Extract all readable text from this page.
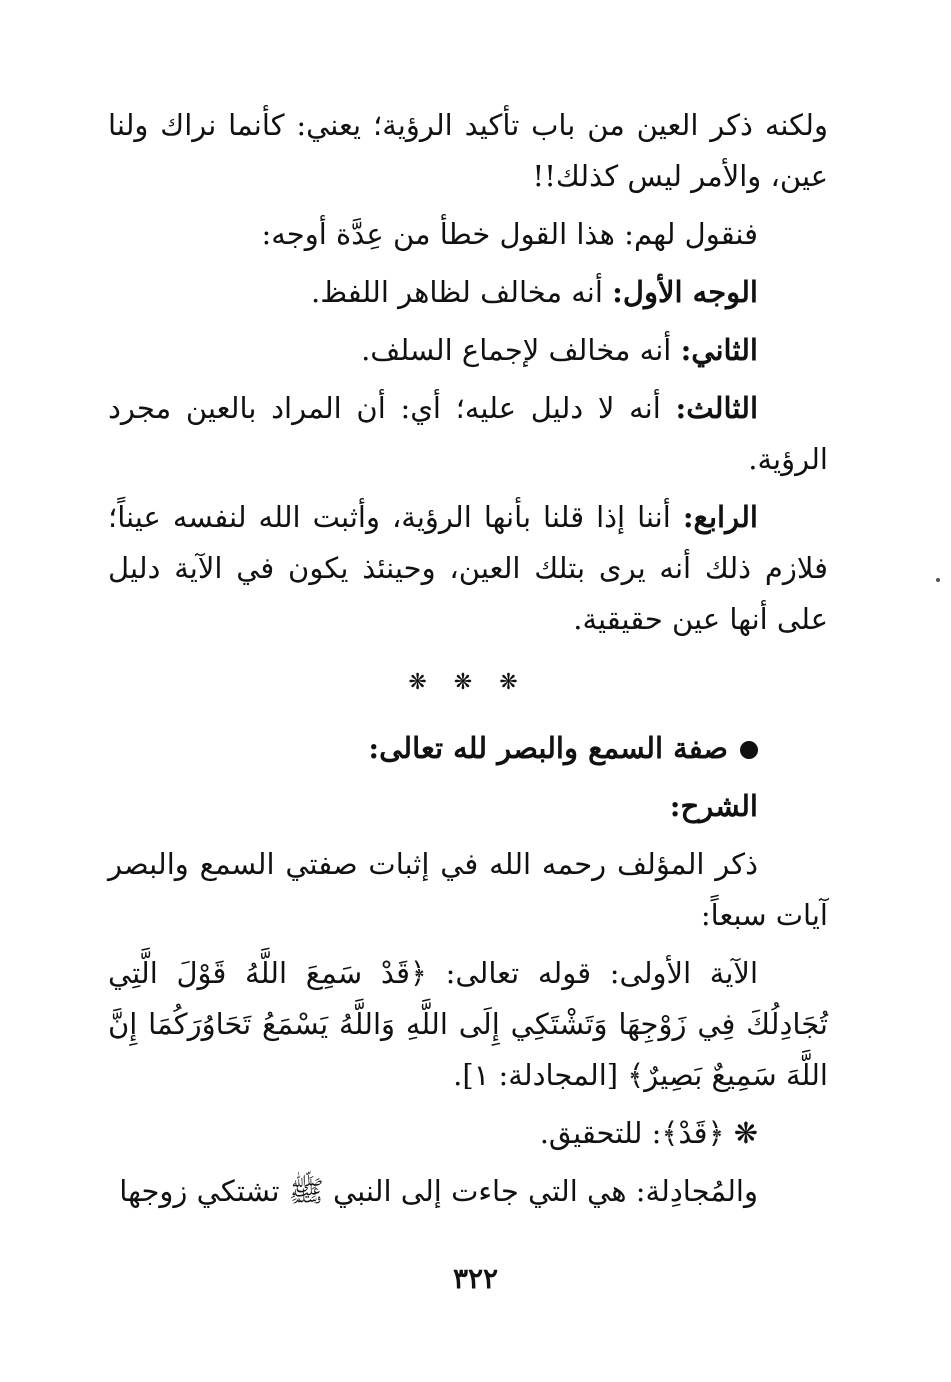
ولكنه ذكر العين من باب تأكيد الرؤية؛ يعني: كأنما نراك ولنا عين، والأمر ليس كذلك!!

فنقول لهم: هذا القول خطأ من عِدَّة أوجه:

الوجه الأول: أنه مخالف لظاهر اللفظ.

الثاني: أنه مخالف لإجماع السلف.

الثالث: أنه لا دليل عليه؛ أي: أن المراد بالعين مجرد الرؤية.

الرابع: أننا إذا قلنا بأنها الرؤية، وأثبت الله لنفسه عيناً؛ فلازم ذلك أنه يرى بتلك العين، وحينئذ يكون في الآية دليل على أنها عين حقيقية.

❋ ❋ ❋

صفة السمع والبصر لله تعالى:

الشرح:

ذكر المؤلف رحمه الله في إثبات صفتي السمع والبصر آيات سبعاً:

الآية الأولى: قوله تعالى: ﴿قَدْ سَمِعَ اللَّهُ قَوْلَ الَّتِي تُجَادِلُكَ فِي زَوْجِهَا وَتَشْتَكِي إِلَى اللَّهِ وَاللَّهُ يَسْمَعُ تَحَاوُرَكُمَا إِنَّ اللَّهَ سَمِيعٌ بَصِيرٌ﴾ [المجادلة: ١].

❋ ﴿قَدْ﴾: للتحقيق.

والمُجادِلة: هي التي جاءت إلى النبي ﷺ تشتكي زوجها

٣٢٢
